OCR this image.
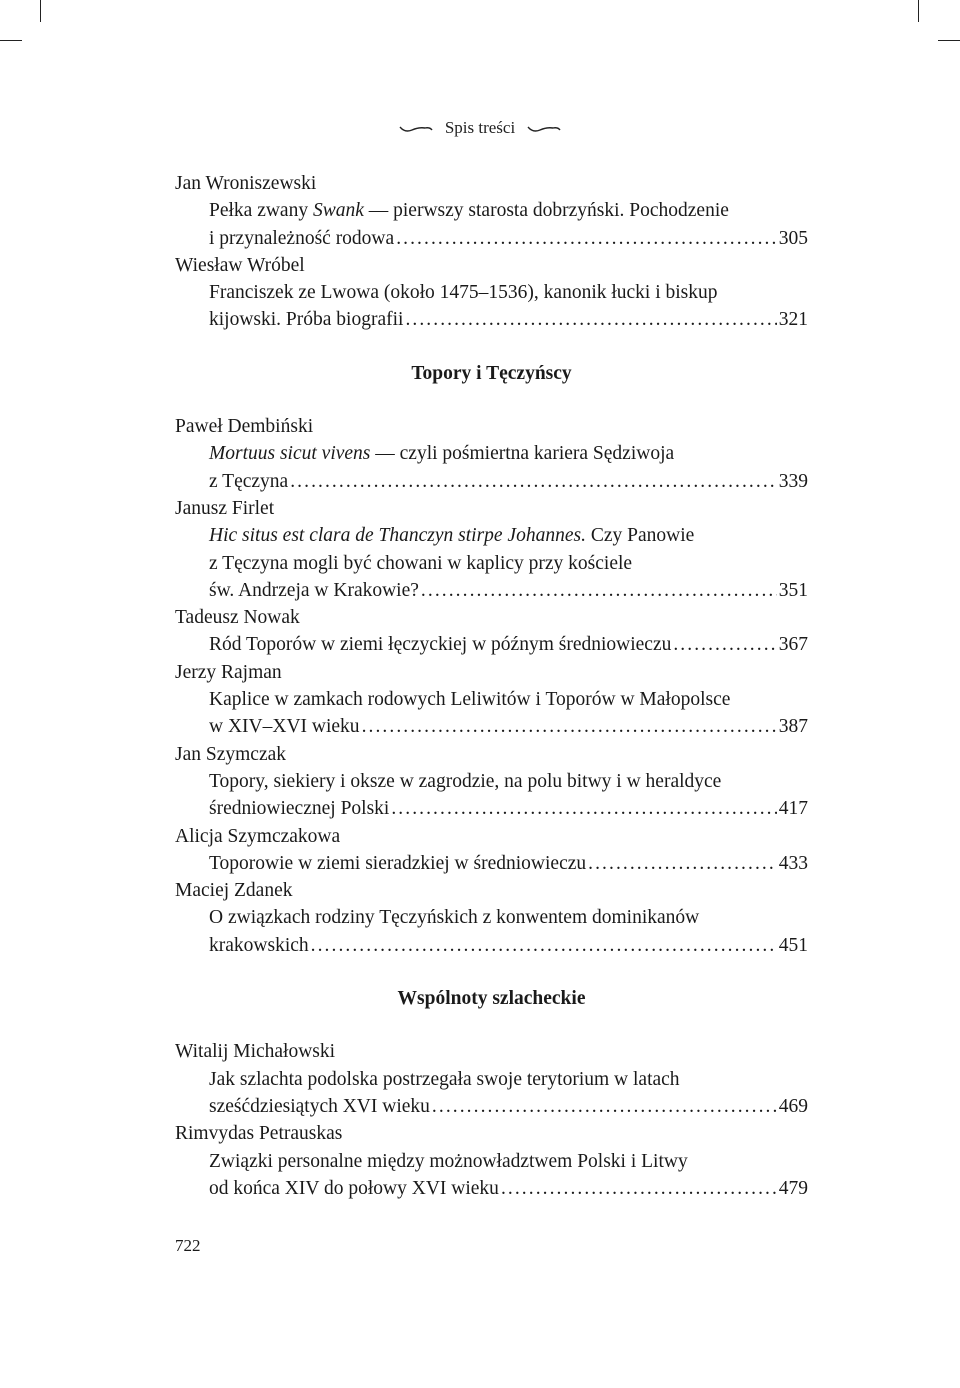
Spis treści
Jan Wroniszewski
Pełka zwany Swank — pierwszy starosta dobrzyński. Pochodzenie
i przynależność rodowa . . .	305
Wiesław Wróbel
Franciszek ze Lwowa (około 1475–1536), kanonik łucki i biskup
kijowski. Próba biografii . . .	321
Topory i Tęczyńscy
Paweł Dembiński
Mortuus sicut vivens — czyli pośmiertna kariera Sędziwoja
z Tęczyna . . .	339
Janusz Firlet
Hic situs est clara de Thanczyn stirpe Johannes. Czy Panowie
z Tęczyna mogli być chowani w kaplicy przy kościele
św. Andrzeja w Krakowie? . . .	351
Tadeusz Nowak
Ród Toporów w ziemi łęczyckiej w późnym średniowieczu . . .	367
Jerzy Rajman
Kaplice w zamkach rodowych Leliwitów i Toporów w Małopolsce
w XIV–XVI wieku . . .	387
Jan Szymczak
Topory, siekiery i oksze w zagrodzie, na polu bitwy i w heraldyce
średniowiecznej Polski . . .	417
Alicja Szymczakowa
Toporowie w ziemi sieradzkiej w średniowieczu . . .	433
Maciej Zdanek
O związkach rodziny Tęczyńskich z konwentem dominikanów
krakowskich . . .	451
Wspólnoty szlacheckie
Witalij Michałowski
Jak szlachta podolska postrzegała swoje terytorium w latach
sześćdziesiątych XVI wieku . . .	469
Rimvydas Petrauskas
Związki personalne między możnowładztwem Polski i Litwy
od końca XIV do połowy XVI wieku . . .	479
722
